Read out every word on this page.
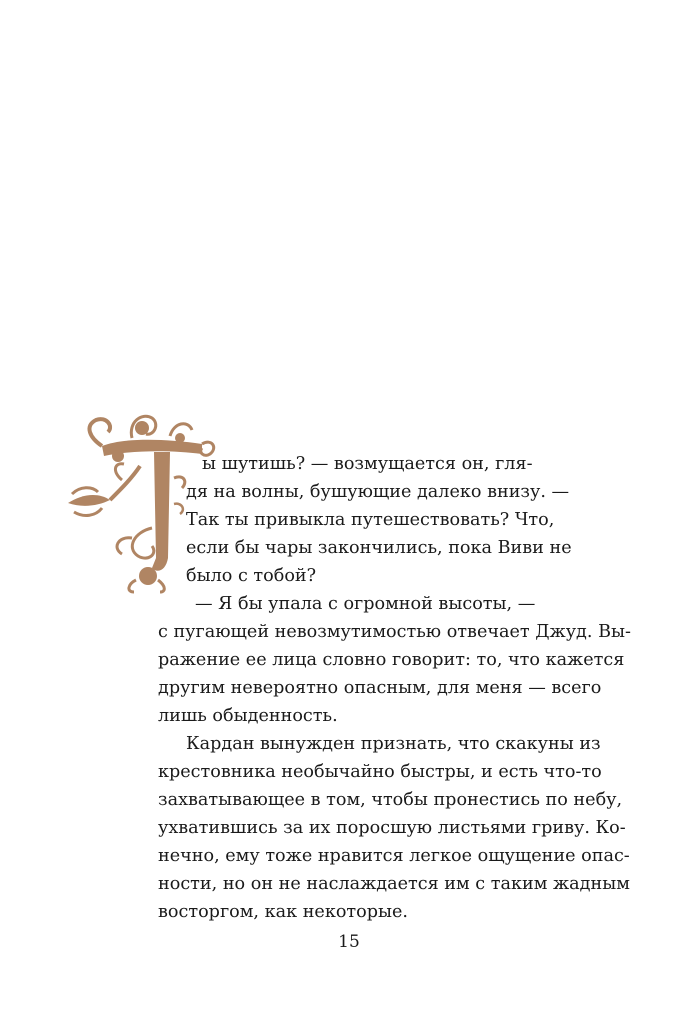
ы шутишь? — возмущается он, гля-
дя на волны, бушующие далеко внизу. —
Так ты привыкла путешествовать? Что,
если бы чары закончились, пока Виви не
было с тобой?
— Я бы упала с огромной высоты, —
с пугающей невозмутимостью отвечает Джуд. Вы-
ражение ее лица словно говорит: то, что кажется
другим невероятно опасным, для меня — всего
лишь обыденность.
Кардан вынужден признать, что скакуны из
крестовника необычайно быстры, и есть что-то
захватывающее в том, чтобы пронестись по небу,
ухватившись за их поросшую листьями гриву. Ко-
нечно, ему тоже нравится легкое ощущение опас-
ности, но он не наслаждается им с таким жадным
восторгом, как некоторые.
15
